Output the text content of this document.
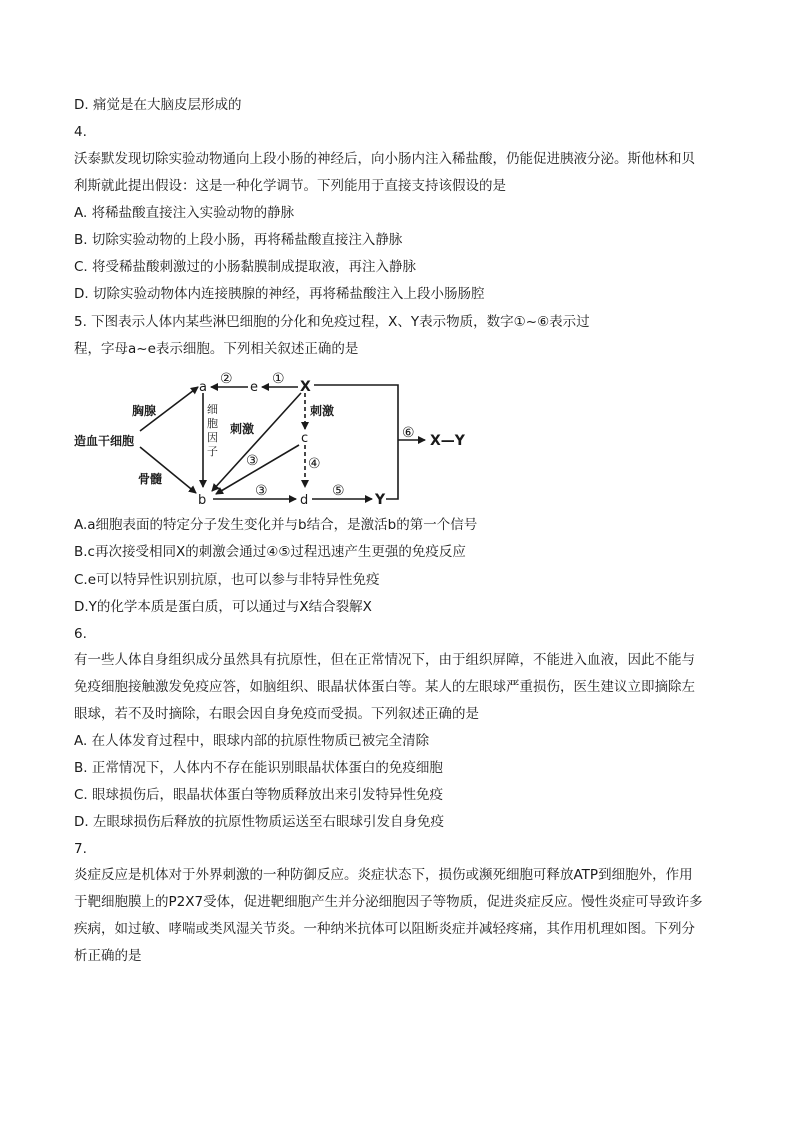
D. 痛觉是在大脑皮层形成的
4.
沃泰默发现切除实验动物通向上段小肠的神经后，向小肠内注入稀盐酸，仍能促进胰液分泌。斯他林和贝
利斯就此提出假设：这是一种化学调节。下列能用于直接支持该假设的是
A. 将稀盐酸直接注入实验动物的静脉
B. 切除实验动物的上段小肠，再将稀盐酸直接注入静脉
C. 将受稀盐酸刺激过的小肠黏膜制成提取液，再注入静脉
D. 切除实验动物体内连接胰腺的神经，再将稀盐酸注入上段小肠肠腔
5. 下图表示人体内某些淋巴细胞的分化和免疫过程，X、Y表示物质，数字①~⑥表示过
程，字母a~e表示细胞。下列相关叙述正确的是
造血干细胞
胸腺
骨髓
a
b
c
d
e	X
Y
X—Y
细
胞
因
子
刺激
刺激
①
②
③
③
④
⑤
⑥
A.a细胞表面的特定分子发生变化并与b结合，是激活b的第一个信号
B.c再次接受相同X的刺激会通过④⑤过程迅速产生更强的免疫反应
C.e可以特异性识别抗原，也可以参与非特异性免疫
D.Y的化学本质是蛋白质，可以通过与X结合裂解X
6.
有一些人体自身组织成分虽然具有抗原性，但在正常情况下，由于组织屏障，不能进入血液，因此不能与
免疫细胞接触激发免疫应答，如脑组织、眼晶状体蛋白等。某人的左眼球严重损伤，医生建议立即摘除左
眼球，若不及时摘除，右眼会因自身免疫而受损。下列叙述正确的是
A. 在人体发育过程中，眼球内部的抗原性物质已被完全清除
B. 正常情况下，人体内不存在能识别眼晶状体蛋白的免疫细胞
C. 眼球损伤后，眼晶状体蛋白等物质释放出来引发特异性免疫
D. 左眼球损伤后释放的抗原性物质运送至右眼球引发自身免疫
7.
炎症反应是机体对于外界刺激的一种防御反应。炎症状态下，损伤或濒死细胞可释放ATP到细胞外，作用
于靶细胞膜上的P2X7受体，促进靶细胞产生并分泌细胞因子等物质，促进炎症反应。慢性炎症可导致许多
疾病，如过敏、哮喘或类风湿关节炎。一种纳米抗体可以阻断炎症并减轻疼痛，其作用机理如图。下列分
析正确的是
